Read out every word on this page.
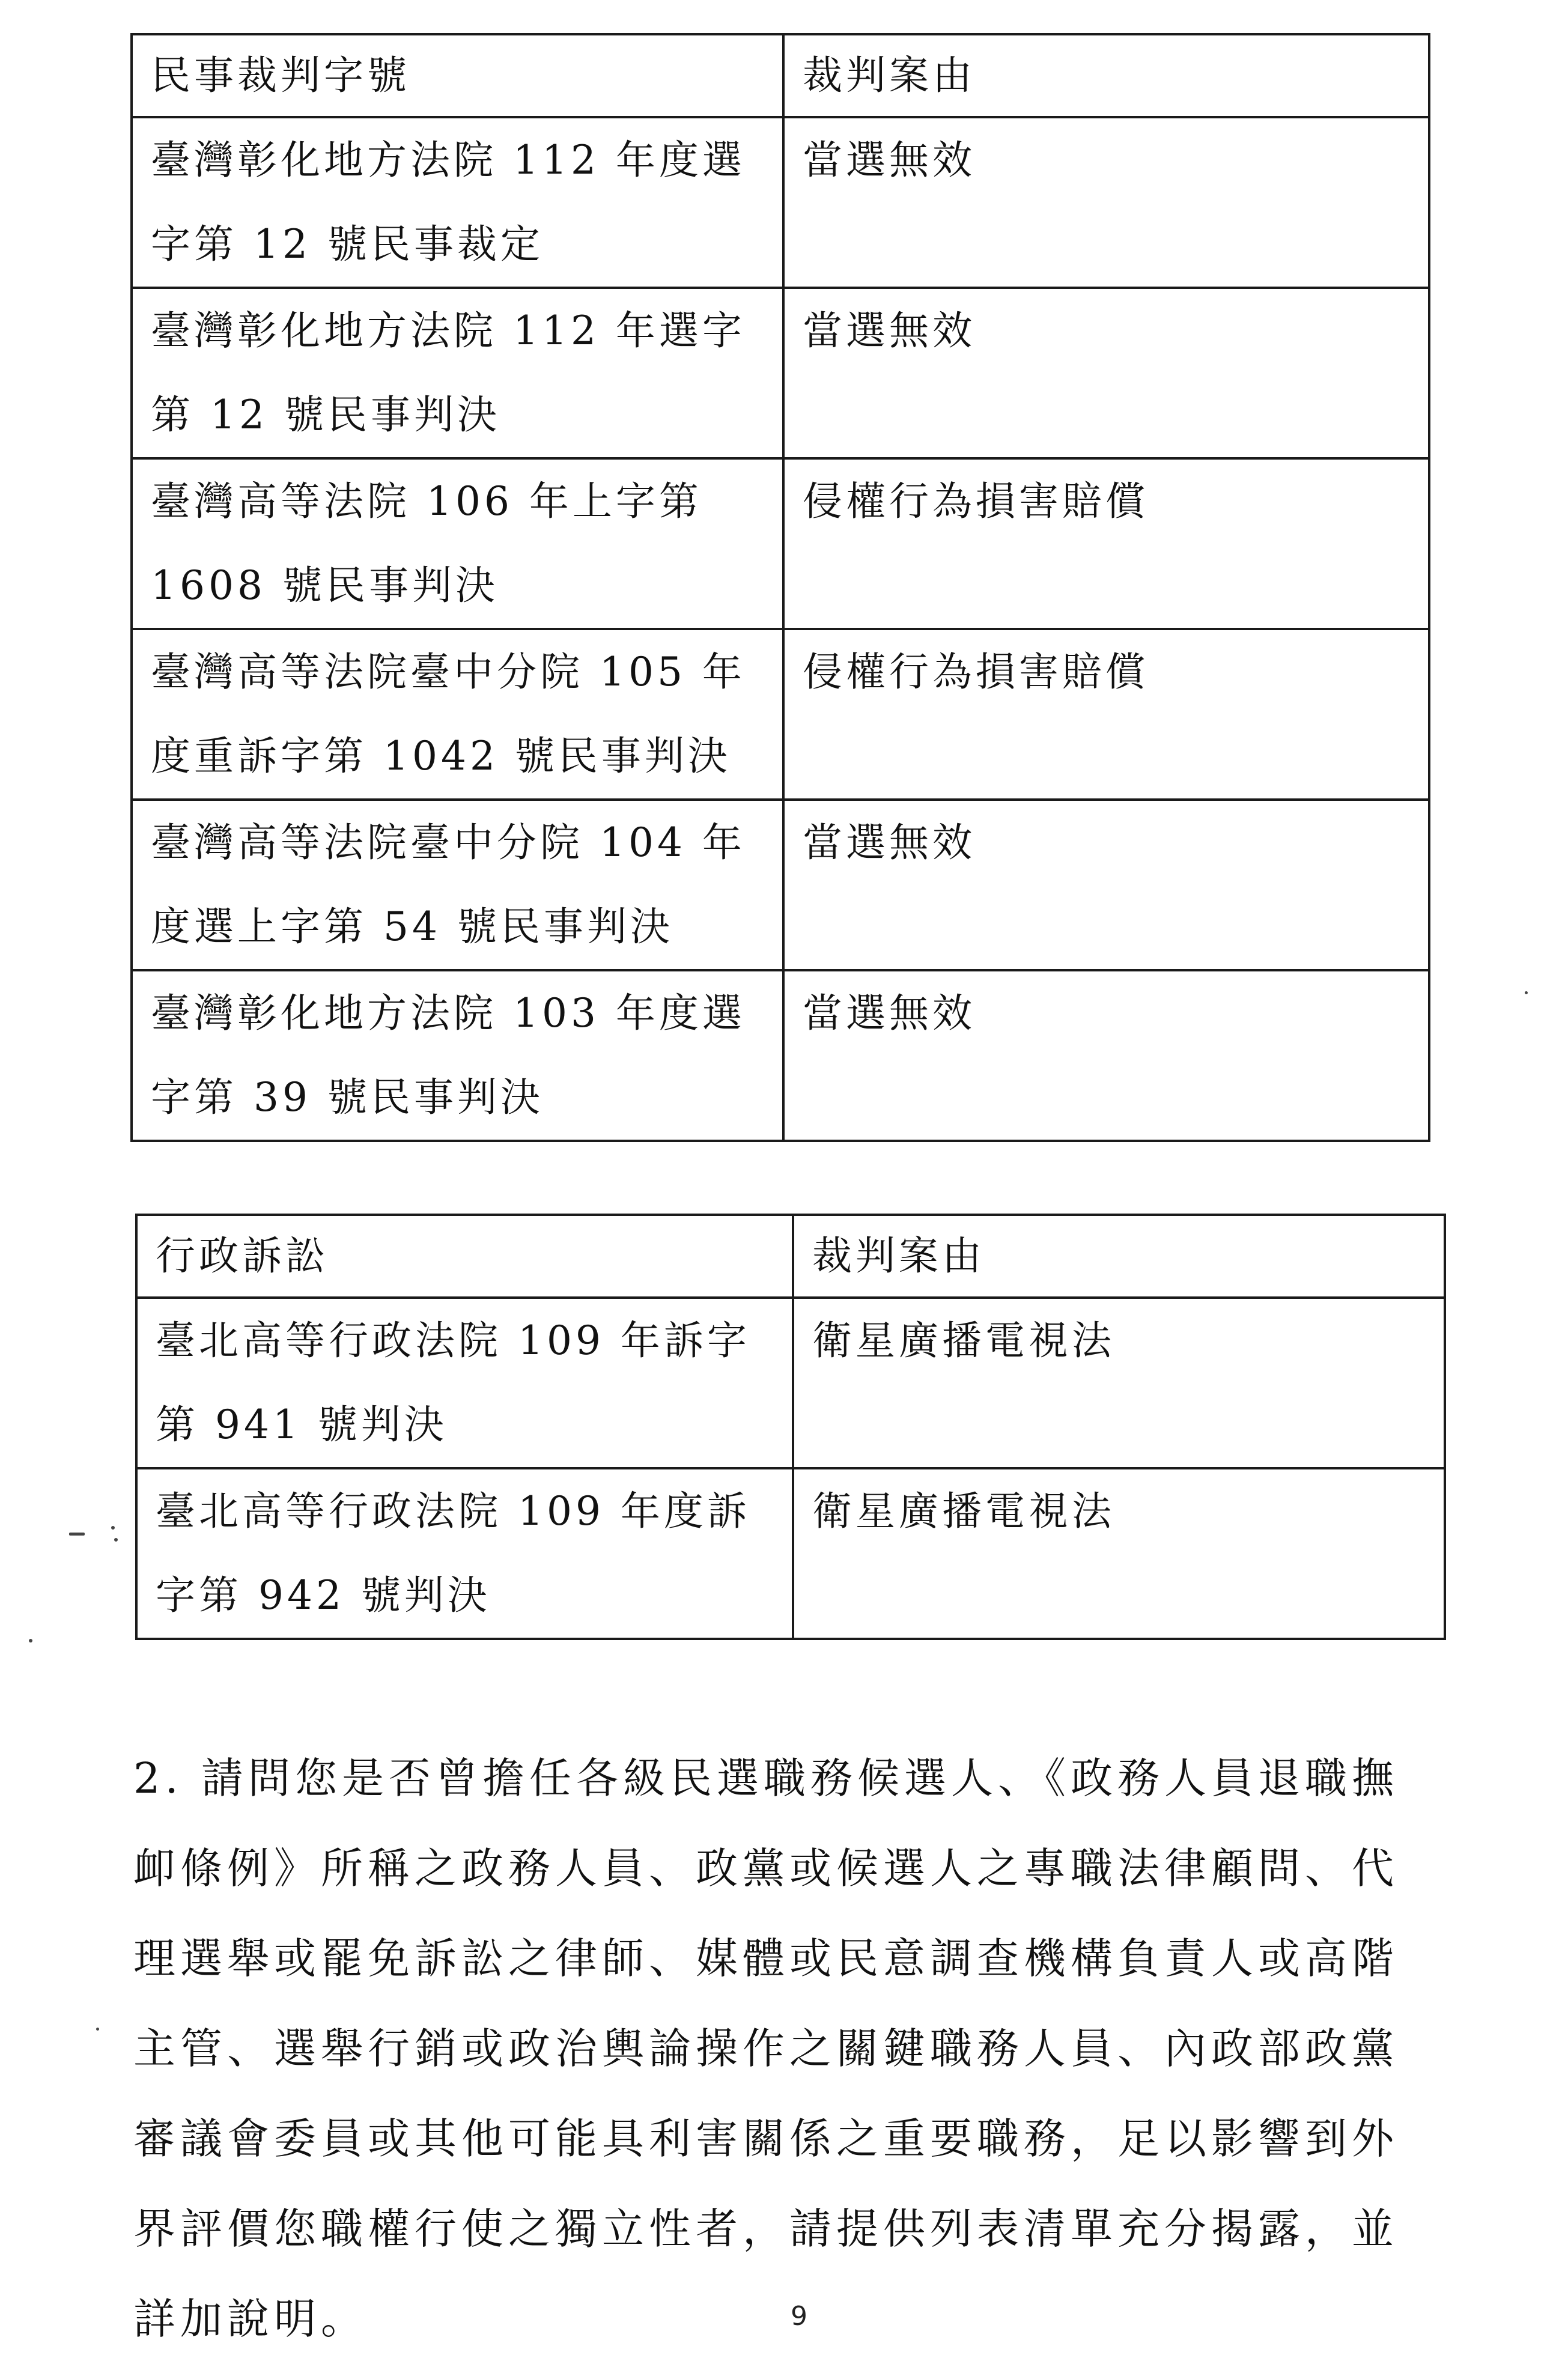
民事裁判字號	裁判案由
臺灣彰化地方法院 112 年度選字第 12 號民事裁定	當選無效
臺灣彰化地方法院 112 年選字第 12 號民事判決	當選無效
臺灣高等法院 106 年上字第 1608 號民事判決	侵權行為損害賠償
臺灣高等法院臺中分院 105 年度重訴字第 1042 號民事判決	侵權行為損害賠償
臺灣高等法院臺中分院 104 年度選上字第 54 號民事判決	當選無效
臺灣彰化地方法院 103 年度選字第 39 號民事判決	當選無效
行政訴訟	裁判案由
臺北高等行政法院 109 年訴字第 941 號判決	衛星廣播電視法
臺北高等行政法院 109 年度訴字第 942 號判決	衛星廣播電視法

2. 請問您是否曾擔任各級民選職務候選人、《政務人員退職撫卹條例》所稱之政務人員、政黨或候選人之專職法律顧問、代理選舉或罷免訴訟之律師、媒體或民意調查機構負責人或高階主管、選舉行銷或政治輿論操作之關鍵職務人員、內政部政黨審議會委員或其他可能具利害關係之重要職務，足以影響到外界評價您職權行使之獨立性者，請提供列表清單充分揭露，並詳加說明。	9
